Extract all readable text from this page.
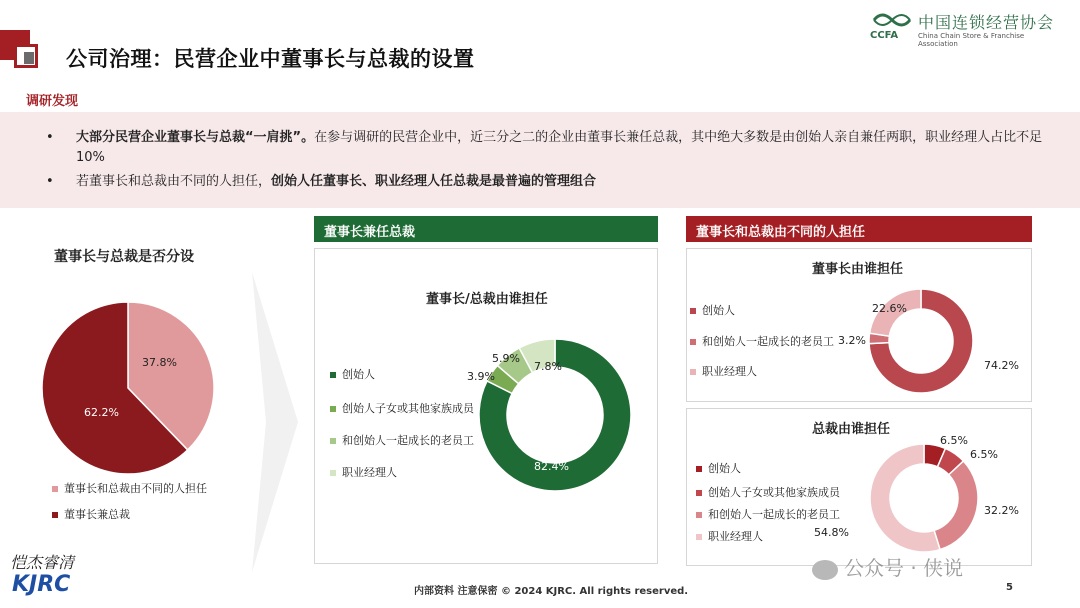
公司治理：民营企业中董事长与总裁的设置
CCFA
中国连锁经营协会
China Chain Store & Franchise Association
调研发现
• 大部分民营企业董事长与总裁“一肩挑”。在参与调研的民营企业中，近三分之二的企业由董事长兼任总裁，其中绝大多数是由创始人亲自兼任两职，职业经理人占比不足10%
• 若董事长和总裁由不同的人担任，创始人任董事长、职业经理人任总裁是最普遍的管理组合
董事长与总裁是否分设
董事长和总裁由不同的人担任
董事长兼总裁
董事长兼任总裁
董事长/总裁由谁担任
创始人
创始人子女或其他家族成员
和创始人一起成长的老员工
职业经理人
董事长和总裁由不同的人担任
董事长由谁担任
总裁由谁担任
创始人
和创始人一起成长的老员工
职业经理人
创始人
创始人子女或其他家族成员
和创始人一起成长的老员工
职业经理人
37.8%
62.2%
82.4%
3.9%
5.9%
7.8%	74.2%
3.2%
22.6%
6.5%
6.5%
32.2%
54.8%
恺杰睿清
KJRC	内部资料 注意保密 © 2024 KJRC. All rights reserved.	5
公众号 · 侠说
